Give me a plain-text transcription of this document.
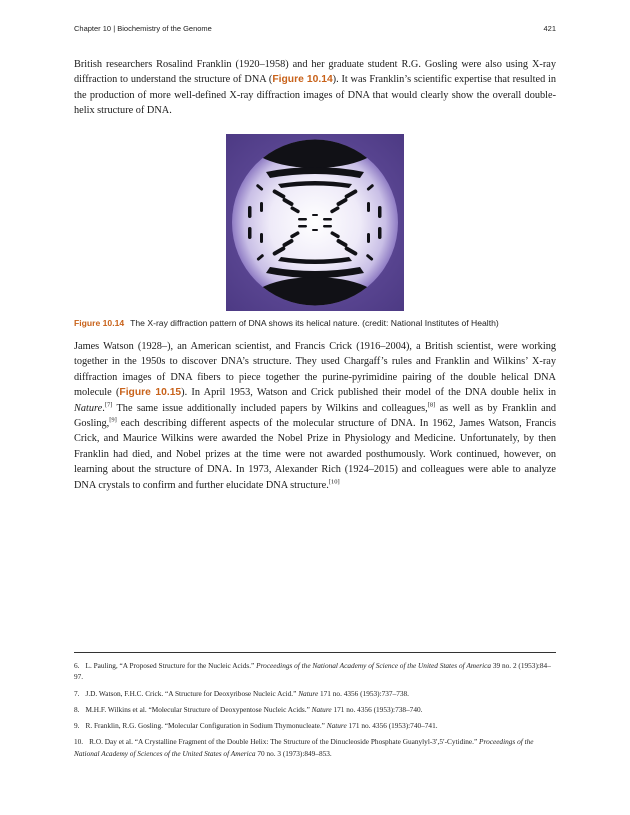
Chapter 10 | Biochemistry of the Genome	421

British researchers Rosalind Franklin (1920–1958) and her graduate student R.G. Gosling were also using X-ray diffraction to understand the structure of DNA (Figure 10.14). It was Franklin’s scientific expertise that resulted in the production of more well-defined X-ray diffraction images of DNA that would clearly show the overall double-helix structure of DNA.

Figure 10.14 The X-ray diffraction pattern of DNA shows its helical nature. (credit: National Institutes of Health)

James Watson (1928–), an American scientist, and Francis Crick (1916–2004), a British scientist, were working together in the 1950s to discover DNA’s structure. They used Chargaff’s rules and Franklin and Wilkins’ X-ray diffraction images of DNA fibers to piece together the purine-pyrimidine pairing of the double helical DNA molecule (Figure 10.15). In April 1953, Watson and Crick published their model of the DNA double helix in Nature.[7] The same issue additionally included papers by Wilkins and colleagues,[8] as well as by Franklin and Gosling,[9] each describing different aspects of the molecular structure of DNA. In 1962, James Watson, Francis Crick, and Maurice Wilkins were awarded the Nobel Prize in Physiology and Medicine. Unfortunately, by then Franklin had died, and Nobel prizes at the time were not awarded posthumously. Work continued, however, on learning about the structure of DNA. In 1973, Alexander Rich (1924–2015) and colleagues were able to analyze DNA crystals to confirm and further elucidate DNA structure.[10]

6. L. Pauling, “A Proposed Structure for the Nucleic Acids.” Proceedings of the National Academy of Science of the United States of America 39 no. 2 (1953):84–97.

7. J.D. Watson, F.H.C. Crick. “A Structure for Deoxyribose Nucleic Acid.” Nature 171 no. 4356 (1953):737–738.

8. M.H.F. Wilkins et al. “Molecular Structure of Deoxypentose Nucleic Acids.” Nature 171 no. 4356 (1953):738–740.

9. R. Franklin, R.G. Gosling. “Molecular Configuration in Sodium Thymonucleate.” Nature 171 no. 4356 (1953):740–741.

10. R.O. Day et al. “A Crystalline Fragment of the Double Helix: The Structure of the Dinucleoside Phosphate Guanylyl-3′,5′-Cytidine.” Proceedings of the National Academy of Sciences of the United States of America 70 no. 3 (1973):849–853.
